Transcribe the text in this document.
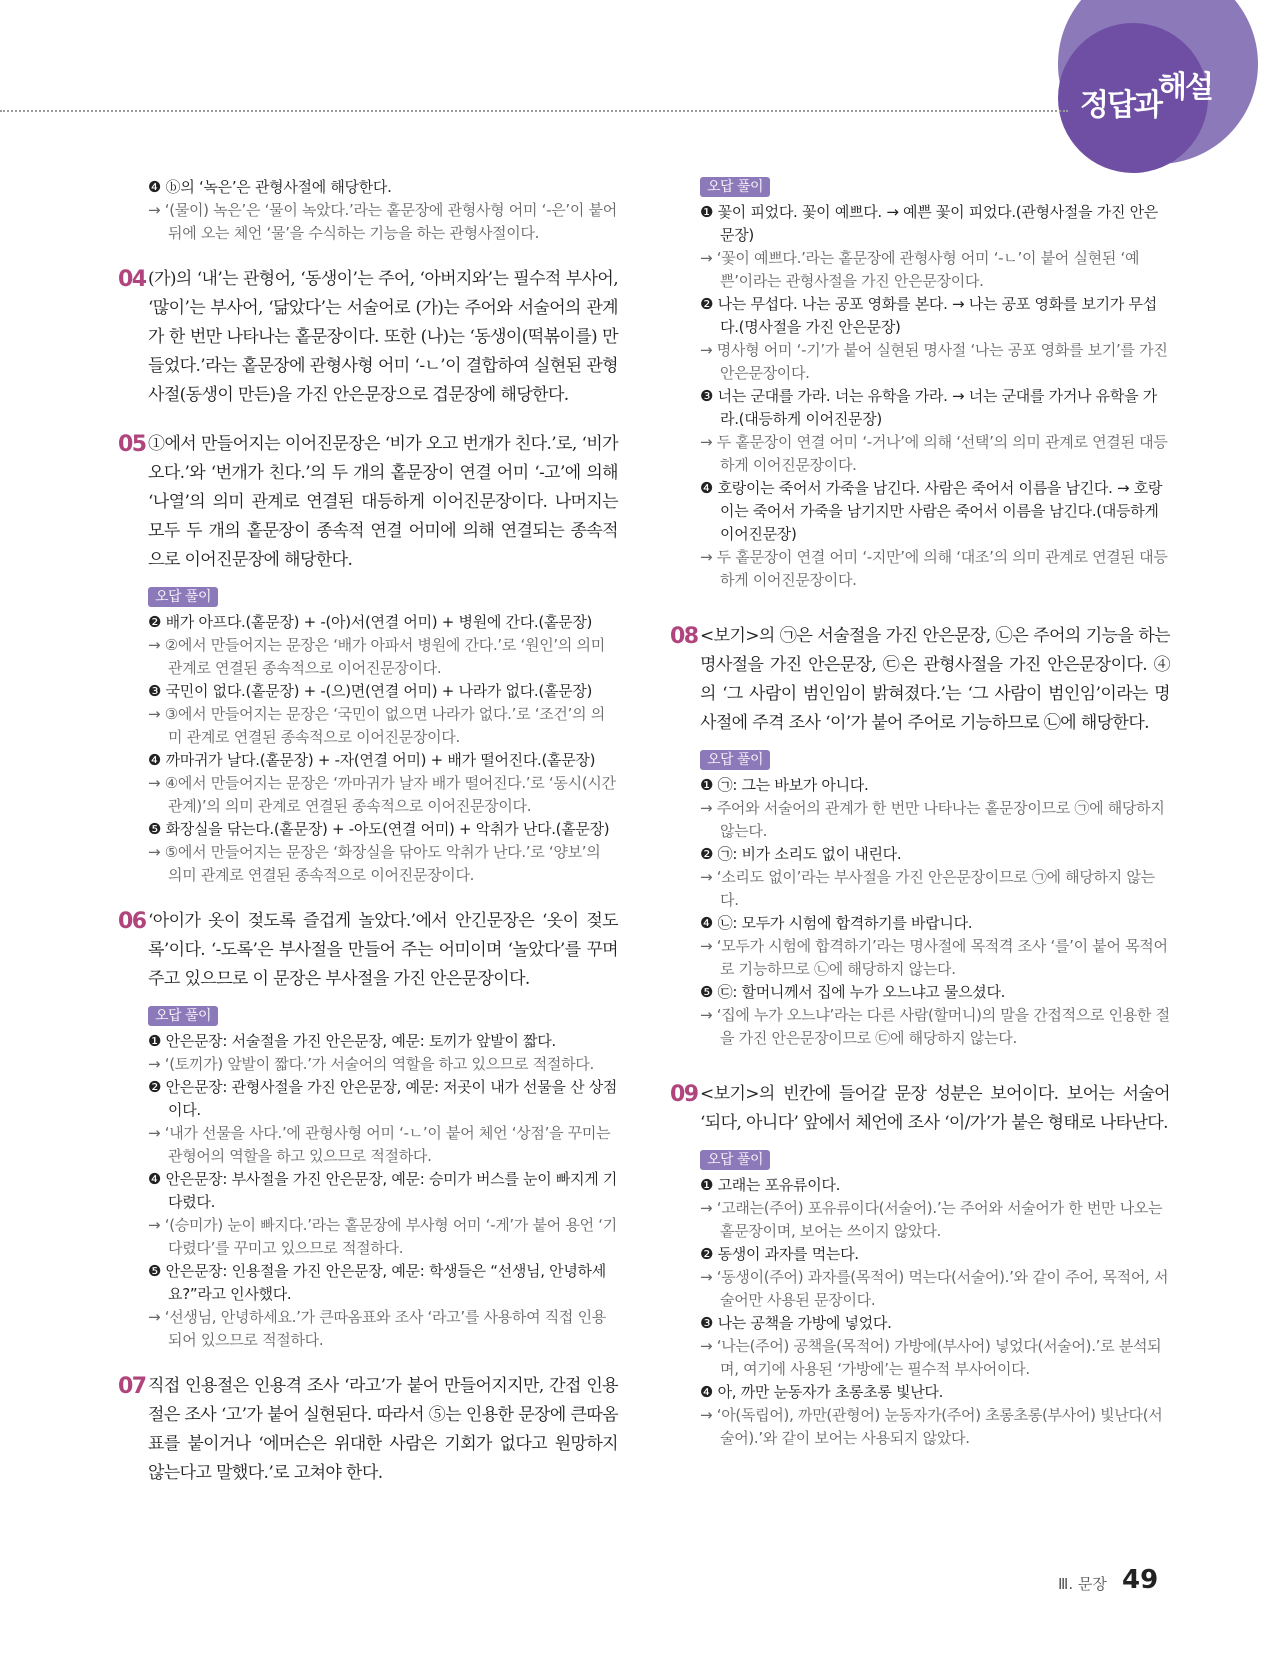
정답과
해설

❹ ⓑ의 ‘녹은’은 관형사절에 해당한다.

→ ‘(물이) 녹은’은 ‘물이 녹았다.’라는 홑문장에 관형사형 어미 ‘-은’이 붙어 뒤에 오는 체언 ‘물’을 수식하는 기능을 하는 관형사절이다.

04 (가)의 ‘내’는 관형어, ‘동생이’는 주어, ‘아버지와’는 필수적 부사어, ‘많이’는 부사어, ‘닮았다’는 서술어로 (가)는 주어와 서술어의 관계가 한 번만 나타나는 홑문장이다. 또한 (나)는 ‘동생이(떡볶이를) 만들었다.’라는 홑문장에 관형사형 어미 ‘-ㄴ’이 결합하여 실현된 관형사절(동생이 만든)을 가진 안은문장으로 겹문장에 해당한다.
05 ①에서 만들어지는 이어진문장은 ‘비가 오고 번개가 친다.’로, ‘비가 오다.’와 ‘번개가 친다.’의 두 개의 홑문장이 연결 어미 ‘-고’에 의해 ‘나열’의 의미 관계로 연결된 대등하게 이어진문장이다. 나머지는 모두 두 개의 홑문장이 종속적 연결 어미에 의해 연결되는 종속적으로 이어진문장에 해당한다.
오답 풀이

❷ 배가 아프다.(홑문장) + -(아)서(연결 어미) + 병원에 간다.(홑문장)

→ ②에서 만들어지는 문장은 ‘배가 아파서 병원에 간다.’로 ‘원인’의 의미 관계로 연결된 종속적으로 이어진문장이다.

❸ 국민이 없다.(홑문장) + -(으)면(연결 어미) + 나라가 없다.(홑문장)

→ ③에서 만들어지는 문장은 ‘국민이 없으면 나라가 없다.’로 ‘조건’의 의미 관계로 연결된 종속적으로 이어진문장이다.

❹ 까마귀가 날다.(홑문장) + -자(연결 어미) + 배가 떨어진다.(홑문장)

→ ④에서 만들어지는 문장은 ‘까마귀가 날자 배가 떨어진다.’로 ‘동시(시간 관계)’의 의미 관계로 연결된 종속적으로 이어진문장이다.

❺ 화장실을 닦는다.(홑문장) + -아도(연결 어미) + 악취가 난다.(홑문장)

→ ⑤에서 만들어지는 문장은 ‘화장실을 닦아도 악취가 난다.’로 ‘양보’의 의미 관계로 연결된 종속적으로 이어진문장이다.

06 ‘아이가 옷이 젖도록 즐겁게 놀았다.’에서 안긴문장은 ‘옷이 젖도록’이다. ‘-도록’은 부사절을 만들어 주는 어미이며 ‘놀았다’를 꾸며 주고 있으므로 이 문장은 부사절을 가진 안은문장이다.
오답 풀이

❶ 안은문장: 서술절을 가진 안은문장, 예문: 토끼가 앞발이 짧다.

→ ‘(토끼가) 앞발이 짧다.’가 서술어의 역할을 하고 있으므로 적절하다.

❷ 안은문장: 관형사절을 가진 안은문장, 예문: 저곳이 내가 선물을 산 상점이다.

→ ‘내가 선물을 사다.’에 관형사형 어미 ‘-ㄴ’이 붙어 체언 ‘상점’을 꾸미는 관형어의 역할을 하고 있으므로 적절하다.

❹ 안은문장: 부사절을 가진 안은문장, 예문: 승미가 버스를 눈이 빠지게 기다렸다.

→ ‘(승미가) 눈이 빠지다.’라는 홑문장에 부사형 어미 ‘-게’가 붙어 용언 ‘기다렸다’를 꾸미고 있으므로 적절하다.

❺ 안은문장: 인용절을 가진 안은문장, 예문: 학생들은 “선생님, 안녕하세요?”라고 인사했다.

→ ‘선생님, 안녕하세요.’가 큰따옴표와 조사 ‘라고’를 사용하여 직접 인용되어 있으므로 적절하다.

07 직접 인용절은 인용격 조사 ‘라고’가 붙어 만들어지지만, 간접 인용절은 조사 ‘고’가 붙어 실현된다. 따라서 ⑤는 인용한 문장에 큰따옴표를 붙이거나 ‘에머슨은 위대한 사람은 기회가 없다고 원망하지 않는다고 말했다.’로 고쳐야 한다.
오답 풀이

❶ 꽃이 피었다. 꽃이 예쁘다. → 예쁜 꽃이 피었다.(관형사절을 가진 안은문장)

→ ‘꽃이 예쁘다.’라는 홑문장에 관형사형 어미 ‘-ㄴ’이 붙어 실현된 ‘예쁜’이라는 관형사절을 가진 안은문장이다.

❷ 나는 무섭다. 나는 공포 영화를 본다. → 나는 공포 영화를 보기가 무섭다.(명사절을 가진 안은문장)

→ 명사형 어미 ‘-기’가 붙어 실현된 명사절 ‘나는 공포 영화를 보기’를 가진 안은문장이다.

❸ 너는 군대를 가라. 너는 유학을 가라. → 너는 군대를 가거나 유학을 가라.(대등하게 이어진문장)

→ 두 홑문장이 연결 어미 ‘-거나’에 의해 ‘선택’의 의미 관계로 연결된 대등하게 이어진문장이다.

❹ 호랑이는 죽어서 가죽을 남긴다. 사람은 죽어서 이름을 남긴다. → 호랑이는 죽어서 가죽을 남기지만 사람은 죽어서 이름을 남긴다.(대등하게 이어진문장)

→ 두 홑문장이 연결 어미 ‘-지만’에 의해 ‘대조’의 의미 관계로 연결된 대등하게 이어진문장이다.

08 <보기>의 ㉠은 서술절을 가진 안은문장, ㉡은 주어의 기능을 하는 명사절을 가진 안은문장, ㉢은 관형사절을 가진 안은문장이다. ④의 ‘그 사람이 범인임이 밝혀졌다.’는 ‘그 사람이 범인임’이라는 명사절에 주격 조사 ‘이’가 붙어 주어로 기능하므로 ㉡에 해당한다.
오답 풀이

❶ ㉠: 그는 바보가 아니다.

→ 주어와 서술어의 관계가 한 번만 나타나는 홑문장이므로 ㉠에 해당하지 않는다.

❷ ㉠: 비가 소리도 없이 내린다.

→ ‘소리도 없이’라는 부사절을 가진 안은문장이므로 ㉠에 해당하지 않는다.

❹ ㉡: 모두가 시험에 합격하기를 바랍니다.

→ ‘모두가 시험에 합격하기’라는 명사절에 목적격 조사 ‘를’이 붙어 목적어로 기능하므로 ㉡에 해당하지 않는다.

❺ ㉢: 할머니께서 집에 누가 오느냐고 물으셨다.

→ ‘집에 누가 오느냐’라는 다른 사람(할머니)의 말을 간접적으로 인용한 절을 가진 안은문장이므로 ㉢에 해당하지 않는다.

09 <보기>의 빈칸에 들어갈 문장 성분은 보어이다. 보어는 서술어 ‘되다, 아니다’ 앞에서 체언에 조사 ‘이/가’가 붙은 형태로 나타난다.
오답 풀이

❶ 고래는 포유류이다.

→ ‘고래는(주어) 포유류이다(서술어).’는 주어와 서술어가 한 번만 나오는 홑문장이며, 보어는 쓰이지 않았다.

❷ 동생이 과자를 먹는다.

→ ‘동생이(주어) 과자를(목적어) 먹는다(서술어).’와 같이 주어, 목적어, 서술어만 사용된 문장이다.

❸ 나는 공책을 가방에 넣었다.

→ ‘나는(주어) 공책을(목적어) 가방에(부사어) 넣었다(서술어).’로 분석되며, 여기에 사용된 ‘가방에’는 필수적 부사어이다.

❹ 아, 까만 눈동자가 초롱초롱 빛난다.

→ ‘아(독립어), 까만(관형어) 눈동자가(주어) 초롱초롱(부사어) 빛난다(서술어).’와 같이 보어는 사용되지 않았다.

Ⅲ. 문장 49
